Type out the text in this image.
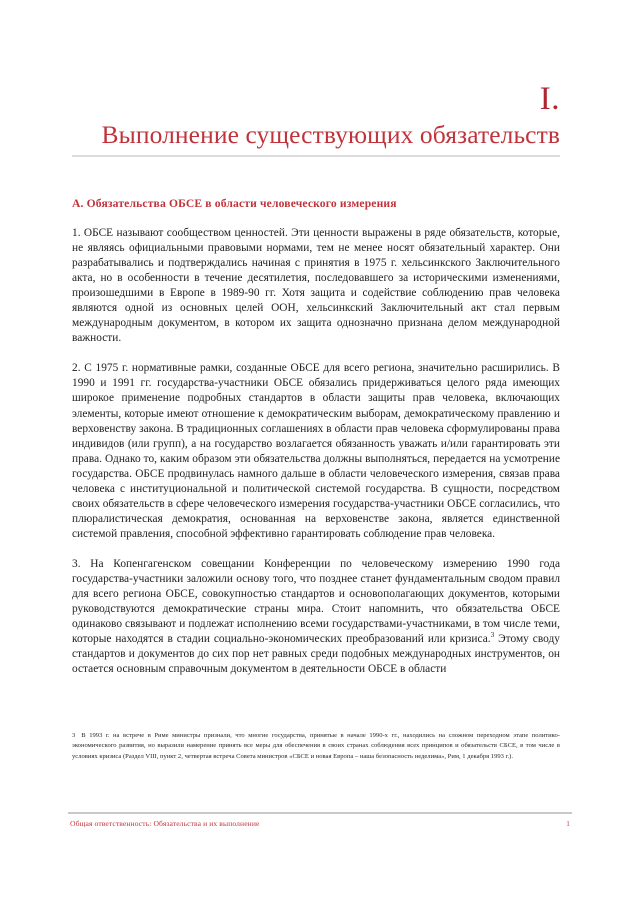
I.
Выполнение существующих обязательств
A. Обязательства ОБСЕ в области человеческого измерения

1. ОБСЕ называют сообществом ценностей. Эти ценности выражены в ряде обязательств, которые, не являясь официальными правовыми нормами, тем не менее носят обязательный характер. Они разрабатывались и подтверждались начиная с принятия в 1975 г. хельсинкского Заключительного акта, но в особенности в течение десятилетия, последовавшего за историческими изменениями, произошедшими в Европе в 1989-90 гг. Хотя защита и содействие соблюдению прав человека являются одной из основных целей ООН, хельсинкский Заключительный акт стал первым международным документом, в котором их защита однозначно признана делом международной важности.

2. С 1975 г. нормативные рамки, созданные ОБСЕ для всего региона, значительно расширились. В 1990 и 1991 гг. государства-участники ОБСЕ обязались придерживаться целого ряда имеющих широкое применение подробных стандартов в области защиты прав человека, включающих элементы, которые имеют отношение к демократическим выборам, демократическому правлению и верховенству закона. В традиционных соглашениях в области прав человека сформулированы права индивидов (или групп), а на государство возлагается обязанность уважать и/или гарантировать эти права. Однако то, каким образом эти обязательства должны выполняться, передается на усмотрение государства. ОБСЕ продвинулась намного дальше в области человеческого измерения, связав права человека с институциональной и политической системой государства. В сущности, посредством своих обязательств в сфере человеческого измерения государства-участники ОБСЕ согласились, что плюралистическая демократия, основанная на верховенстве закона, является единственной системой правления, способной эффективно гарантировать соблюдение прав человека.

3. На Копенгагенском совещании Конференции по человеческому измерению 1990 года государства-участники заложили основу того, что позднее станет фундаментальным сводом правил для всего региона ОБСЕ, совокупностью стандартов и основополагающих документов, которыми руководствуются демократические страны мира. Стоит напомнить, что обязательства ОБСЕ одинаково связывают и подлежат исполнению всеми государствами-участниками, в том числе теми, которые находятся в стадии социально-экономических преобразований или кризиса.$^3$ Этому своду стандартов и документов до сих пор нет равных среди подобных международных инструментов, он остается основным справочным документом в деятельности ОБСЕ в области

3 В 1993 г. на встрече в Риме министры признали, что многие государства, принятые в начале 1990-х гг., находились на сложном переходном этапе политико-экономического развития, но выразили намерение принять все меры для обеспечения в своих странах соблюдения всех принципов и обязательств СБСЕ, в том числе в условиях кризиса (Раздел VIII, пункт 2, четвертая встреча Совета министров «СБСЕ и новая Европа – наша безопасность неделима», Рим, 1 декабря 1993 г.).
Общая ответственность: Обязательства и их выполнение	1
